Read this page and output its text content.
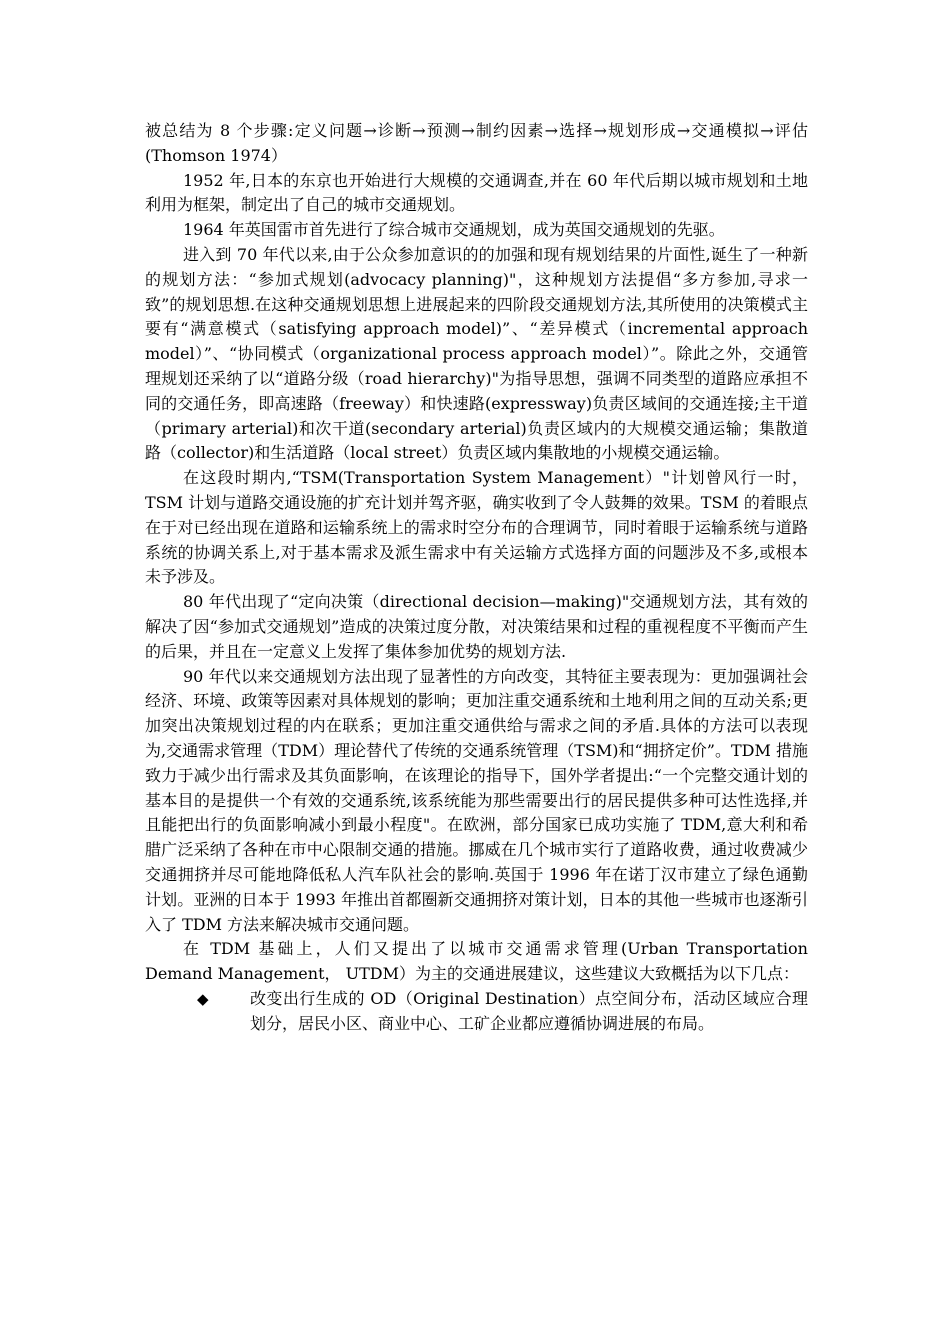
被总结为 8 个步骤:定义问题→诊断→预测→制约因素→选择→规划形成→交通模拟→评估(Thomson 1974）

1952 年,日本的东京也开始进行大规模的交通调查,并在 60 年代后期以城市规划和土地利用为框架，制定出了自己的城市交通规划。

1964 年英国雷市首先进行了综合城市交通规划，成为英国交通规划的先驱。

进入到 70 年代以来,由于公众参加意识的的加强和现有规划结果的片面性,诞生了一种新的规划方法：“参加式规划(advocacy planning)"，这种规划方法提倡“多方参加,寻求一致”的规划思想.在这种交通规划思想上进展起来的四阶段交通规划方法,其所使用的决策模式主要有“满意模式（satisfying approach model)”、“差异模式（incremental approach model）”、“协同模式（organizational process approach model）”。除此之外，交通管理规划还采纳了以“道路分级（road hierarchy)"为指导思想，强调不同类型的道路应承担不同的交通任务，即高速路（freeway）和快速路(expressway)负责区域间的交通连接;主干道（primary arterial)和次干道(secondary arterial)负责区域内的大规模交通运输；集散道路（collector)和生活道路（local street）负责区域内集散地的小规模交通运输。

在这段时期内,“TSM(Transportation System Management）"计划曾风行一时，TSM 计划与道路交通设施的扩充计划并驾齐驱，确实收到了令人鼓舞的效果。TSM 的着眼点在于对已经出现在道路和运输系统上的需求时空分布的合理调节，同时着眼于运输系统与道路系统的协调关系上,对于基本需求及派生需求中有关运输方式选择方面的问题涉及不多,或根本未予涉及。

80 年代出现了“定向决策（directional decision—making)"交通规划方法，其有效的解决了因“参加式交通规划”造成的决策过度分散，对决策结果和过程的重视程度不平衡而产生的后果，并且在一定意义上发挥了集体参加优势的规划方法.

90 年代以来交通规划方法出现了显著性的方向改变，其特征主要表现为：更加强调社会经济、环境、政策等因素对具体规划的影响；更加注重交通系统和土地利用之间的互动关系;更加突出决策规划过程的内在联系；更加注重交通供给与需求之间的矛盾.具体的方法可以表现为,交通需求管理（TDM）理论替代了传统的交通系统管理（TSM)和“拥挤定价”。TDM 措施致力于减少出行需求及其负面影响，在该理论的指导下，国外学者提出:“一个完整交通计划的基本目的是提供一个有效的交通系统,该系统能为那些需要出行的居民提供多种可达性选择,并且能把出行的负面影响减小到最小程度"。在欧洲，部分国家已成功实施了 TDM,意大利和希腊广泛采纳了各种在市中心限制交通的措施。挪威在几个城市实行了道路收费，通过收费减少交通拥挤并尽可能地降低私人汽车队社会的影响.英国于 1996 年在诺丁汉市建立了绿色通勤计划。亚洲的日本于 1993 年推出首都圈新交通拥挤对策计划，日本的其他一些城市也逐渐引入了 TDM 方法来解决城市交通问题。

在 TDM 基础上，人们又提出了以城市交通需求管理(Urban Transportation Demand Management， UTDM）为主的交通进展建议，这些建议大致概括为以下几点：

◆	改变出行生成的 OD（Original Destination）点空间分布，活动区域应合理划分，居民小区、商业中心、工矿企业都应遵循协调进展的布局。
